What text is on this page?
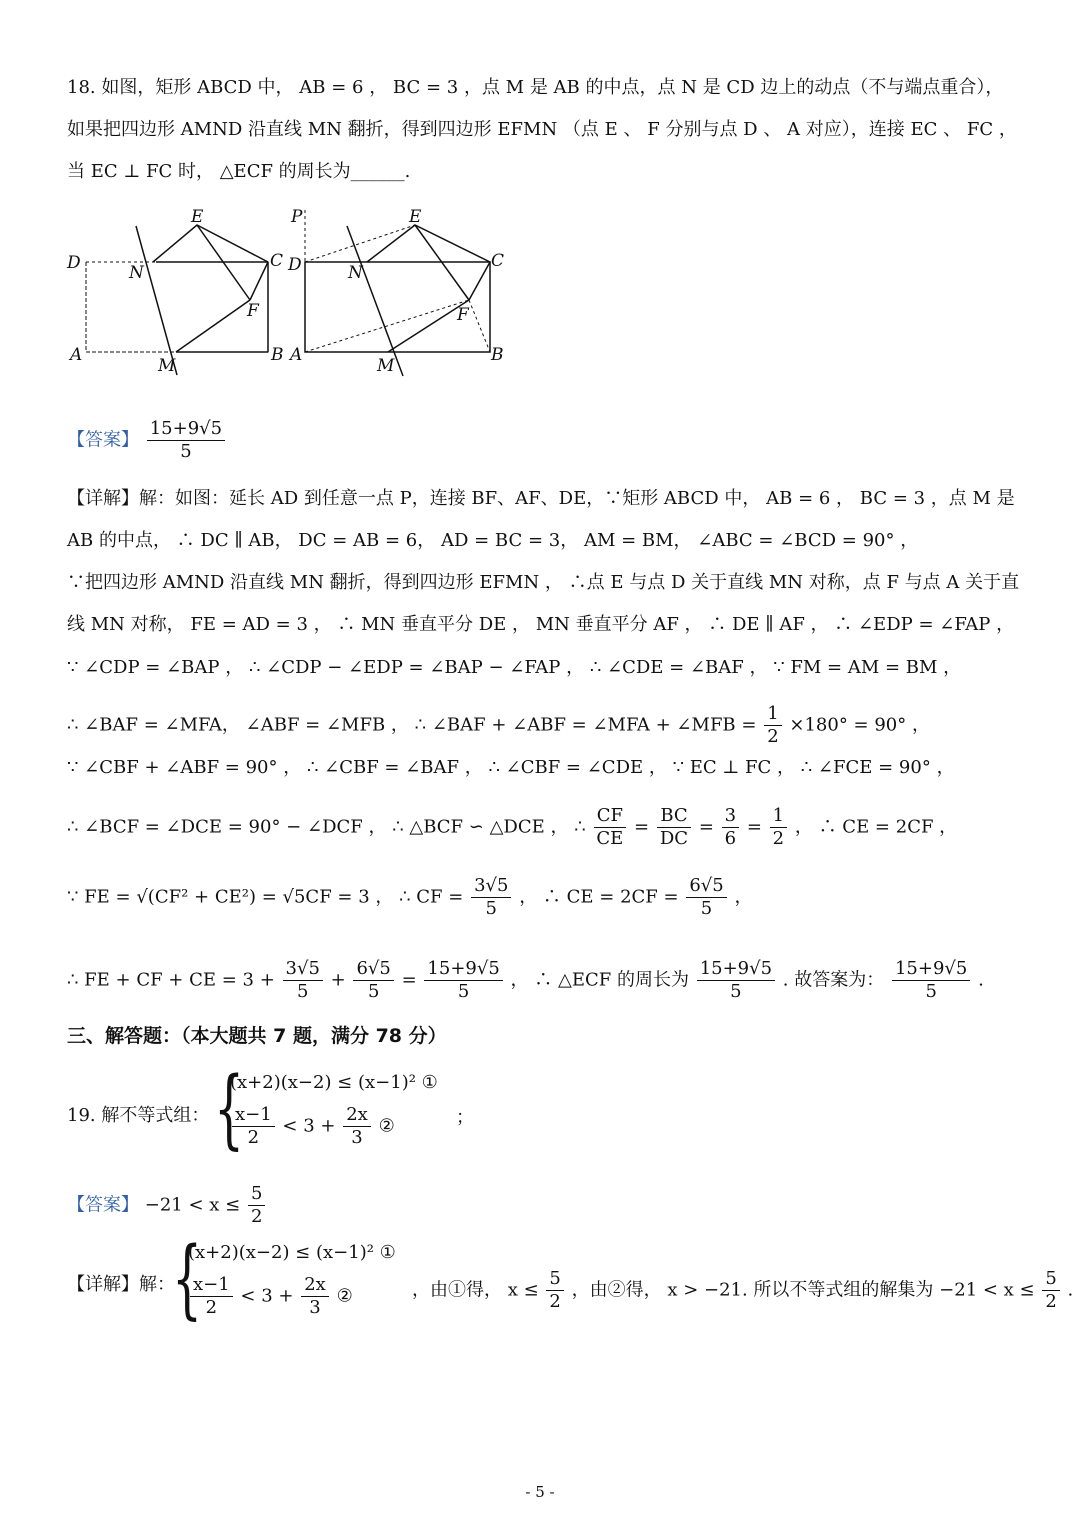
18. 如图，矩形 ABCD 中， AB = 6 ， BC = 3 ，点 M 是 AB 的中点，点 N 是 CD 边上的动点（不与端点重合），
如果把四边形 AMND 沿直线 MN 翻折，得到四边形 EFMN （点 E 、 F 分别与点 D 、 A 对应），连接 EC 、 FC ，
当 EC ⊥ FC 时， △ECF 的周长为______.
E
D	N
C
F
A
M
B
P	E
D	N
C
F
A
M
B
【答案】 $\frac{15+9√5}{5}$
【详解】解：如图：延长 AD 到任意一点 P，连接 BF、AF、DE，∵矩形 ABCD 中， AB = 6 ， BC = 3 ，点 M 是
AB 的中点， ∴ DC ∥ AB， DC = AB = 6， AD = BC = 3， AM = BM， ∠ABC = ∠BCD = 90° ，
∵把四边形 AMND 沿直线 MN 翻折，得到四边形 EFMN ， ∴点 E 与点 D 关于直线 MN 对称，点 F 与点 A 关于直
线 MN 对称， FE = AD = 3 ， ∴ MN 垂直平分 DE ， MN 垂直平分 AF ， ∴ DE ∥ AF ， ∴ ∠EDP = ∠FAP ，
∵ ∠CDP = ∠BAP ， ∴ ∠CDP − ∠EDP = ∠BAP − ∠FAP ， ∴ ∠CDE = ∠BAF ， ∵ FM = AM = BM ，
∴ ∠BAF = ∠MFA， ∠ABF = ∠MFB ， ∴ ∠BAF + ∠ABF = ∠MFA + ∠MFB = $\frac{1}{2} \times 180^\circ = 90^\circ$ ，
∵ ∠CBF + ∠ABF = 90° ， ∴ ∠CBF = ∠BAF ， ∴ ∠CBF = ∠CDE ， ∵ EC ⊥ FC ， ∴ ∠FCE = 90° ，
∴ ∠BCF = ∠DCE = 90° − ∠DCF ， ∴ △BCF ∽ △DCE ， ∴ $\frac{CF}{CE} = \frac{BC}{DC} = \frac{3}{6} = \frac{1}{2}$ ， ∴ CE = 2CF ，
∵ FE = √(CF² + CE²) = √5CF = 3 ， ∴ CF = $\frac{3√5}{5}$ ， ∴ CE = $2CF = \frac{6√5}{5}$ ，
∴ FE + CF + CE = $3 + \frac{3√5}{5} + \frac{6√5}{5} = \frac{15+9√5}{5}$ ， ∴ △ECF 的周长为 $\frac{15+9√5}{5}$ . 故答案为： $\frac{15+9√5}{5}$ .
三、解答题：（本大题共 7 题，满分 78 分）
19. 解不等式组： {
(x+2)(x−2) ≤ (x−1)² ①
$\frac{x-1}{2} < 3 + \frac{2x}{3}$ ②	；
【答案】 $-21 < x \le \frac{5}{2}$
【详解】解：
{
(x+2)(x−2) ≤ (x−1)² ①
$\frac{x-1}{2} < 3 + \frac{2x}{3}$ ②	，由①得， $x \le \frac{5}{2}$ ，由②得， x > −21. 所以不等式组的解集为 $-21 < x \le \frac{5}{2}$ .
- 5 -
